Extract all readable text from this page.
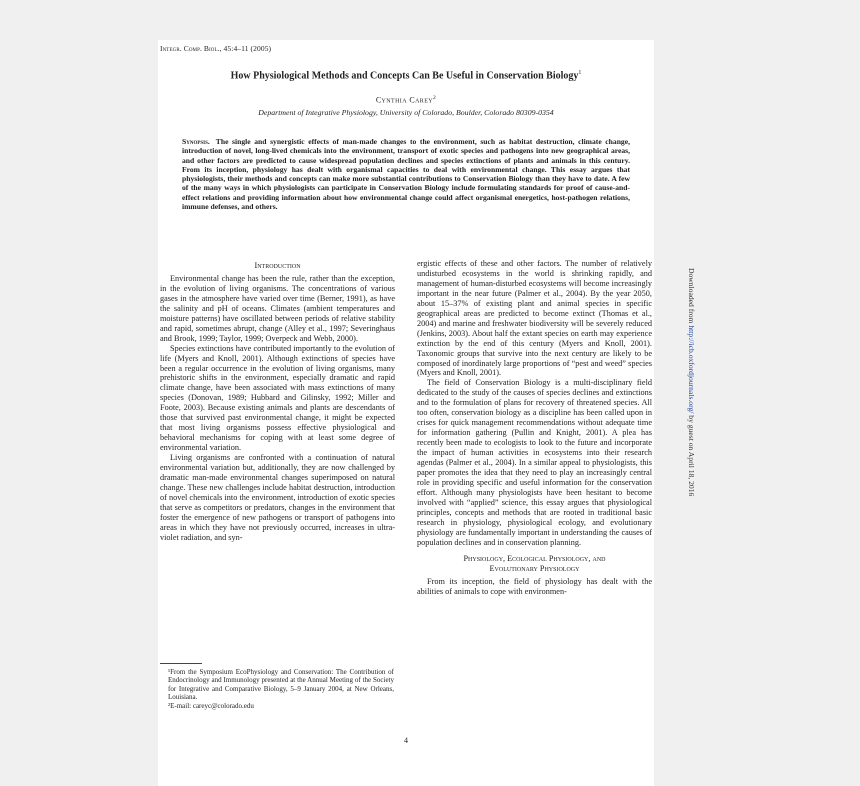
Integr. Comp. Biol., 45:4–11 (2005)
How Physiological Methods and Concepts Can Be Useful in Conservation Biology$^1$
Cynthia Carey$^2$
Department of Integrative Physiology, University of Colorado, Boulder, Colorado 80309-0354
Synopsis. The single and synergistic effects of man-made changes to the environment, such as habitat destruction, climate change, introduction of novel, long-lived chemicals into the environment, transport of exotic species and pathogens into new geographical areas, and other factors are predicted to cause widespread population declines and species extinctions of plants and animals in this century. From its inception, physiology has dealt with organismal capacities to deal with environmental change. This essay argues that physiologists, their methods and concepts can make more substantial contributions to Conservation Biology than they have to date. A few of the many ways in which physiologists can participate in Conservation Biology include formulating standards for proof of cause-and-effect relations and providing information about how environmental change could affect organismal energetics, host-pathogen relations, immune defenses, and others.
Introduction

Environmental change has been the rule, rather than the exception, in the evolution of living organisms. The concentrations of various gases in the atmosphere have varied over time (Berner, 1991), as have the salinity and pH of oceans. Climates (ambient temperatures and moisture patterns) have oscillated between periods of relative stability and rapid, sometimes abrupt, change (Alley et al., 1997; Severinghaus and Brook, 1999; Taylor, 1999; Overpeck and Webb, 2000).

Species extinctions have contributed importantly to the evolution of life (Myers and Knoll, 2001). Although extinctions of species have been a regular occurrence in the evolution of living organisms, many prehistoric shifts in the environment, especially dramatic and rapid climate change, have been associated with mass extinctions of many species (Donovan, 1989; Hubbard and Gilinsky, 1992; Miller and Foote, 2003). Because existing animals and plants are descendants of those that survived past environmental change, it might be expected that most living organisms possess effective physiological and behavioral mechanisms for coping with at least some degree of environmental variation.

Living organisms are confronted with a continuation of natural environmental variation but, additionally, they are now challenged by dramatic man-made environmental changes superimposed on natural change. These new challenges include habitat destruction, introduction of novel chemicals into the environment, introduction of exotic species that serve as competitors or predators, changes in the environment that foster the emergence of new pathogens or transport of pathogens into areas in which they have not previously occurred, increases in ultra-violet radiation, and syn-

¹From the Symposium EcoPhysiology and Conservation: The Contribution of Endocrinology and Immunology presented at the Annual Meeting of the Society for Integrative and Comparative Biology, 5–9 January 2004, at New Orleans, Louisiana.
²E-mail: careyc@colorado.edu

ergistic effects of these and other factors. The number of relatively undisturbed ecosystems in the world is shrinking rapidly, and management of human-disturbed ecosystems will become increasingly important in the near future (Palmer et al., 2004). By the year 2050, about 15–37% of existing plant and animal species in specific geographical areas are predicted to become extinct (Thomas et al., 2004) and marine and freshwater biodiversity will be severely reduced (Jenkins, 2003). About half the extant species on earth may experience extinction by the end of this century (Myers and Knoll, 2001). Taxonomic groups that survive into the next century are likely to be composed of inordinately large proportions of “pest and weed” species (Myers and Knoll, 2001).

The field of Conservation Biology is a multi-disciplinary field dedicated to the study of the causes of species declines and extinctions and to the formulation of plans for recovery of threatened species. All too often, conservation biology as a discipline has been called upon in crises for quick management recommendations without adequate time for information gathering (Pullin and Knight, 2001). A plea has recently been made to ecologists to look to the future and incorporate the impact of human activities in ecosystems into their research agendas (Palmer et al., 2004). In a similar appeal to physiologists, this paper promotes the idea that they need to play an increasingly central role in providing specific and useful information for the conservation effort. Although many physiologists have been hesitant to become involved with “applied” science, this essay argues that physiological principles, concepts and methods that are rooted in traditional basic research in physiology, physiological ecology, and evolutionary physiology are fundamentally important in understanding the causes of population declines and in conservation planning.

Physiology, Ecological Physiology, and
Evolutionary Physiology

From its inception, the field of physiology has dealt with the abilities of animals to cope with environmen-

4
Downloaded from http://icb.oxfordjournals.org/ by guest on April 18, 2016
